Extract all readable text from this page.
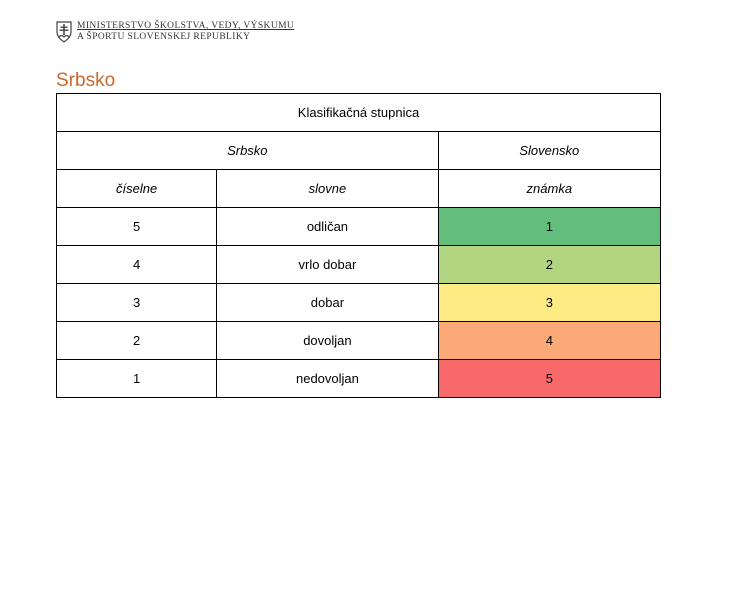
MINISTERSTVO ŠKOLSTVA, VEDY, VÝSKUMU
A ŠPORTU SLOVENSKEJ REPUBLIKY
Srbsko
Klasifikačná stupnica		
Srbsko		Slovensko
číselne	slovne	známka
5	odličan	1
4	vrlo dobar	2
3	dobar	3
2	dovoljan	4
1	nedovoljan	5
